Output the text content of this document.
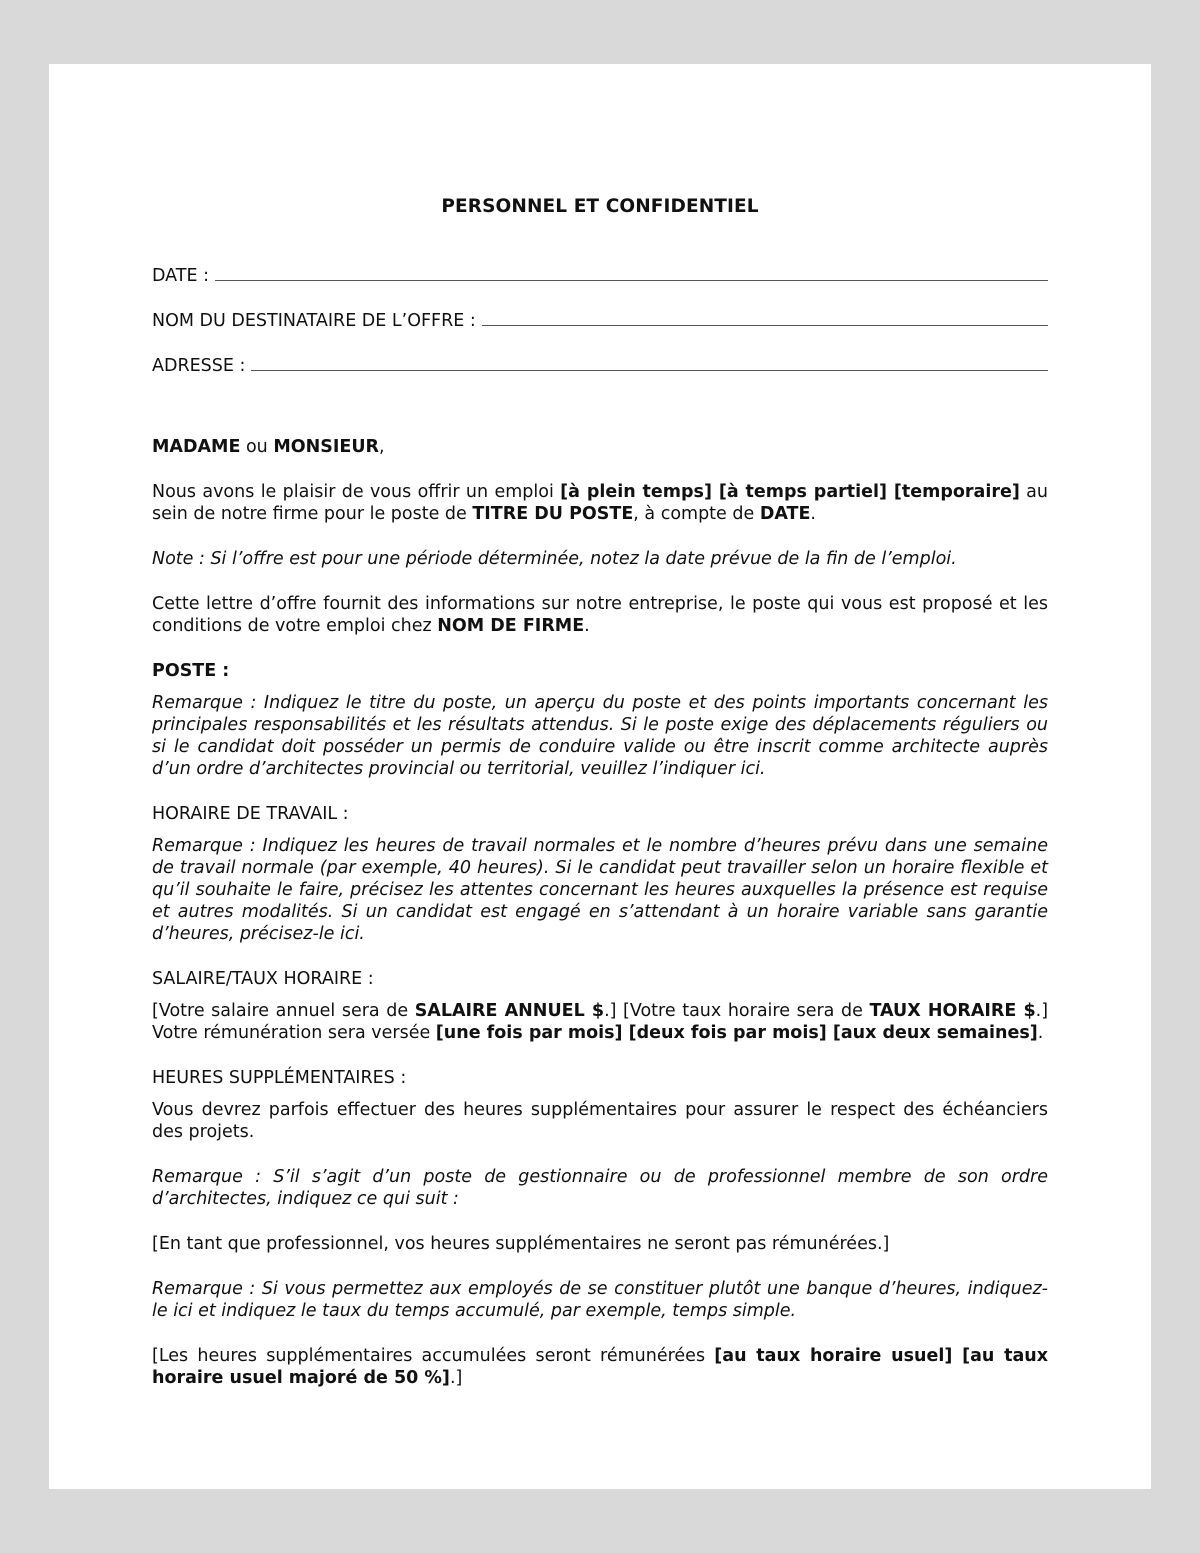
PERSONNEL ET CONFIDENTIEL
DATE :
NOM DU DESTINATAIRE DE L’OFFRE :
ADRESSE :

MADAME ou MONSIEUR,

Nous avons le plaisir de vous offrir un emploi [à plein temps] [à temps partiel] [temporaire] au sein de notre firme pour le poste de TITRE DU POSTE, à compte de DATE.

Note : Si l’offre est pour une période déterminée, notez la date prévue de la fin de l’emploi.

Cette lettre d’offre fournit des informations sur notre entreprise, le poste qui vous est proposé et les conditions de votre emploi chez NOM DE FIRME.

POSTE :

Remarque : Indiquez le titre du poste, un aperçu du poste et des points importants concernant les principales responsabilités et les résultats attendus. Si le poste exige des déplacements réguliers ou si le candidat doit posséder un permis de conduire valide ou être inscrit comme architecte auprès d’un ordre d’architectes provincial ou territorial, veuillez l’indiquer ici.

HORAIRE DE TRAVAIL :

Remarque : Indiquez les heures de travail normales et le nombre d’heures prévu dans une semaine de travail normale (par exemple, 40 heures). Si le candidat peut travailler selon un horaire flexible et qu’il souhaite le faire, précisez les attentes concernant les heures auxquelles la présence est requise et autres modalités. Si un candidat est engagé en s’attendant à un horaire variable sans garantie d’heures, précisez-le ici.

SALAIRE/TAUX HORAIRE :

[Votre salaire annuel sera de SALAIRE ANNUEL $.] [Votre taux horaire sera de TAUX HORAIRE $.] Votre rémunération sera versée [une fois par mois] [deux fois par mois] [aux deux semaines].

HEURES SUPPLÉMENTAIRES :

Vous devrez parfois effectuer des heures supplémentaires pour assurer le respect des échéanciers des projets.

Remarque : S’il s’agit d’un poste de gestionnaire ou de professionnel membre de son ordre d’architectes, indiquez ce qui suit :

[En tant que professionnel, vos heures supplémentaires ne seront pas rémunérées.]

Remarque : Si vous permettez aux employés de se constituer plutôt une banque d’heures, indiquez-le ici et indiquez le taux du temps accumulé, par exemple, temps simple.

[Les heures supplémentaires accumulées seront rémunérées [au taux horaire usuel] [au taux horaire usuel majoré de 50 %].]
